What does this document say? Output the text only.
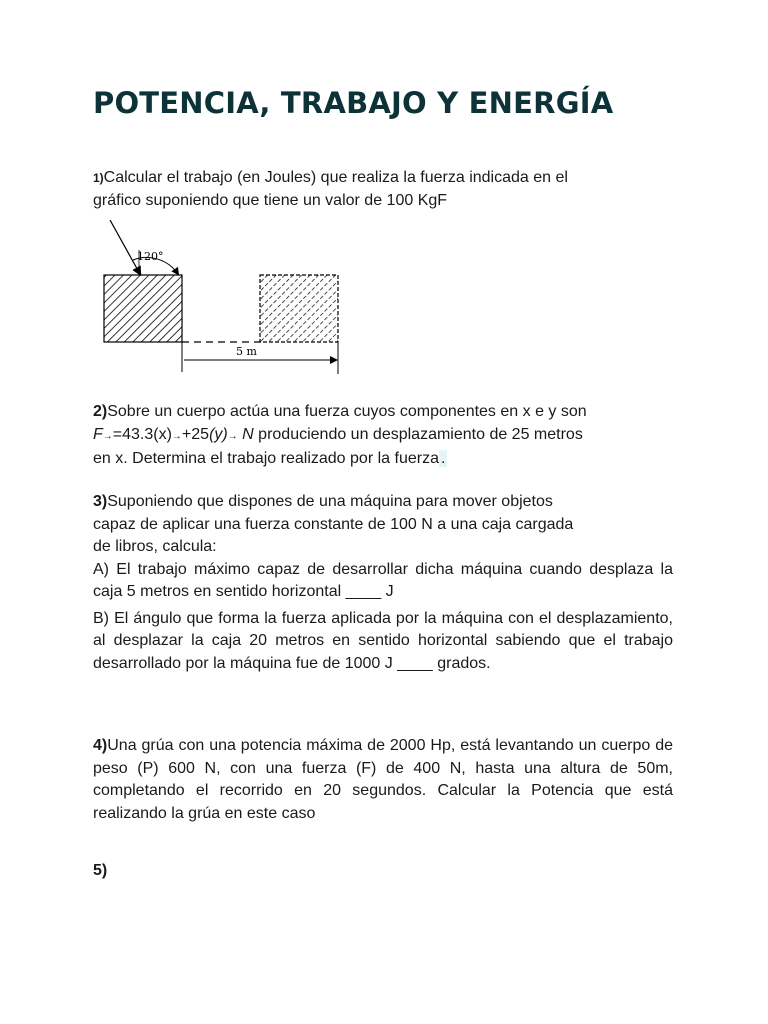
POTENCIA, TRABAJO Y ENERGÍA

1)Calcular el trabajo (en Joules) que realiza la fuerza indicada en el

gráfico suponiendo que tiene un valor de 100 KgF

120°
5 m

2)Sobre un cuerpo actúa una fuerza cuyos componentes en x e y son

F→=43.3(x)→+25(y)→ N produciendo un desplazamiento de 25 metros

en x. Determina el trabajo realizado por la fuerza .

3)Suponiendo que dispones de una máquina para mover objetos

capaz de aplicar una fuerza constante de 100 N a una caja cargada

de libros, calcula:

A) El trabajo máximo capaz de desarrollar dicha máquina cuando desplaza la caja 5 metros en sentido horizontal ____ J

B) El ángulo que forma la fuerza aplicada por la máquina con el desplazamiento, al desplazar la caja 20 metros en sentido horizontal sabiendo que el trabajo desarrollado por la máquina fue de 1000 J ____ grados.

4)Una grúa con una potencia máxima de 2000 Hp, está levantando un cuerpo de peso (P) 600 N, con una fuerza (F) de 400 N, hasta una altura de 50m, completando el recorrido en 20 segundos. Calcular la Potencia que está realizando la grúa en este caso

5)
